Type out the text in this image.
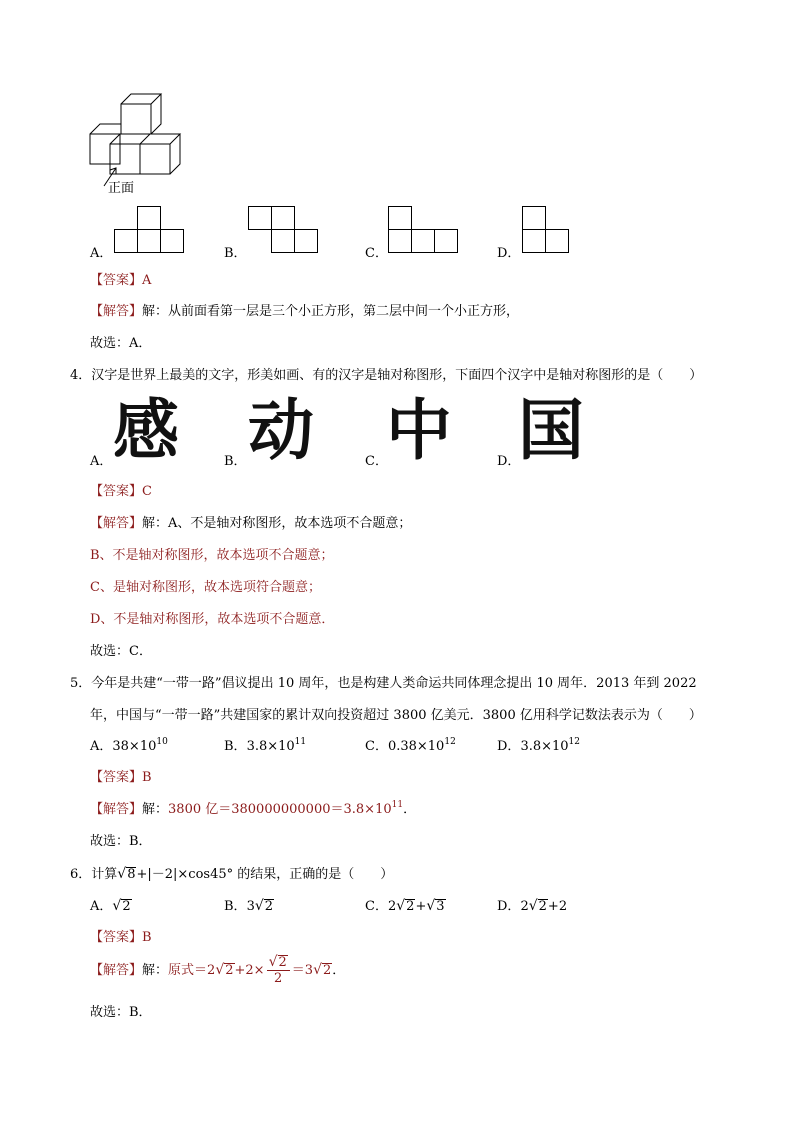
正面
A．	B．	C．	D．
【答案】A
【解答】解：从前面看第一层是三个小正方形，第二层中间一个小正方形，
故选：A．
4．汉字是世界上最美的文字，形美如画、有的汉字是轴对称图形，下面四个汉字中是轴对称图形的是（　　）
A． 感	B． 动	C．
中	D．
国
【答案】C
【解答】解：A、不是轴对称图形，故本选项不合题意；
B、不是轴对称图形，故本选项不合题意；
C、是轴对称图形，故本选项符合题意；
D、不是轴对称图形，故本选项不合题意．
故选：C．
5．今年是共建“一带一路”倡议提出 10 周年，也是构建人类命运共同体理念提出 10 周年．2013 年到 2022
年，中国与“一带一路”共建国家的累计双向投资超过 3800 亿美元．3800 亿用科学记数法表示为（　　）
A．$38\times 10^{10}$	B．$3.8\times 10^{11}$	C．$0.38\times 10^{12}$	D．$3.8\times 10^{12}$
【答案】B
【解答】解：3800 亿$=380000000000=3.8\times 10^{11}$．
故选：B．
6．计算√8+|－2|×cos45° 的结果，正确的是（　　）
A．√2	B．3√2	C．2√2+√3	D．2√2+2
【答案】B
【解答】解：原式$=2√2+2\times \frac{√2}{2} =3√2$．
故选：B．
